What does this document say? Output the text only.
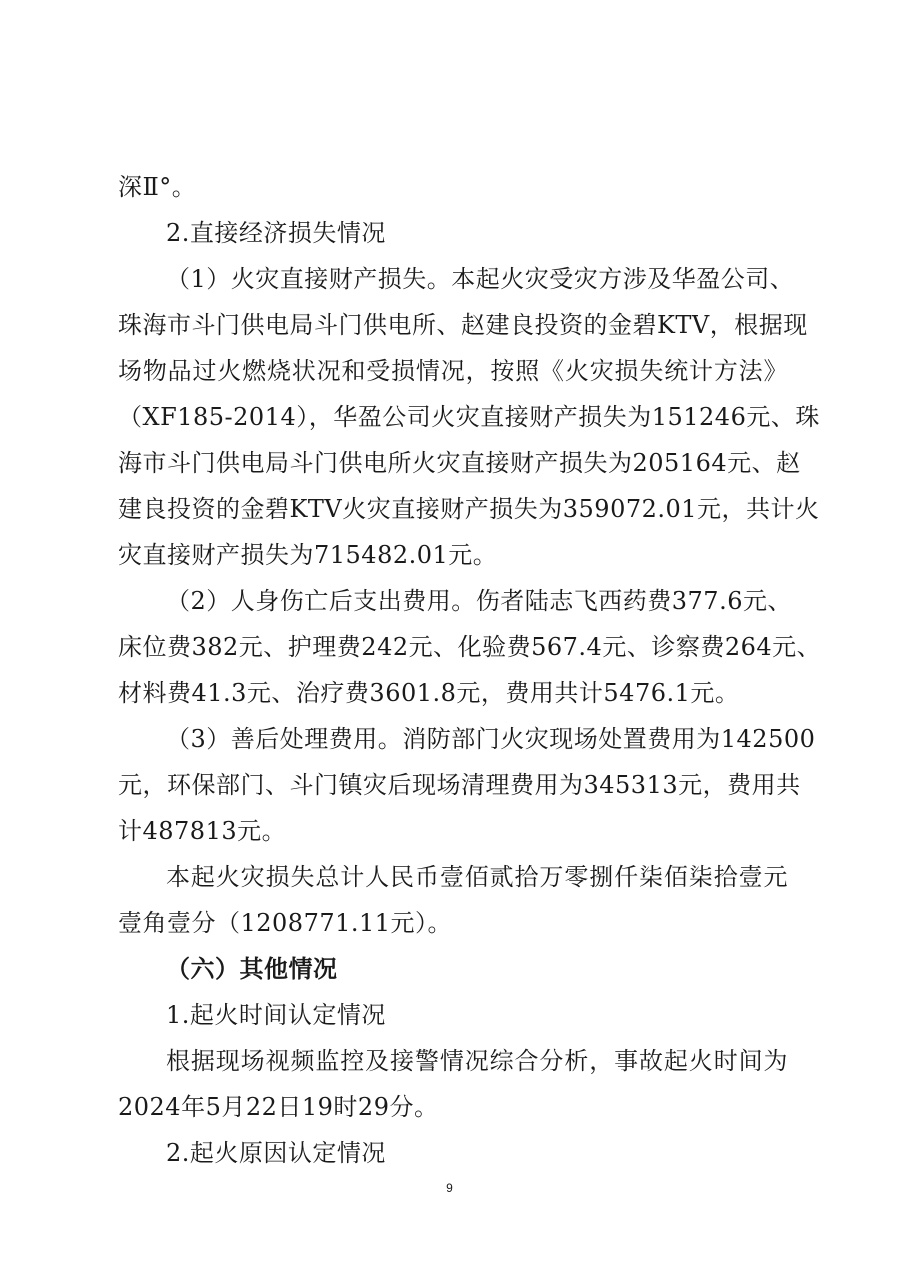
深Ⅱ°。
2.直接经济损失情况
（1）火灾直接财产损失。本起火灾受灾方涉及华盈公司、
珠海市斗门供电局斗门供电所、赵建良投资的金碧KTV，根据现
场物品过火燃烧状况和受损情况，按照《火灾损失统计方法》
（XF185-2014），华盈公司火灾直接财产损失为151246元、珠
海市斗门供电局斗门供电所火灾直接财产损失为205164元、赵
建良投资的金碧KTV火灾直接财产损失为359072.01元，共计火
灾直接财产损失为715482.01元。
（2）人身伤亡后支出费用。伤者陆志飞西药费377.6元、
床位费382元、护理费242元、化验费567.4元、诊察费264元、
材料费41.3元、治疗费3601.8元，费用共计5476.1元。
（3）善后处理费用。消防部门火灾现场处置费用为142500
元，环保部门、斗门镇灾后现场清理费用为345313元，费用共
计487813元。
本起火灾损失总计人民币壹佰贰拾万零捌仟柒佰柒拾壹元
壹角壹分（1208771.11元）。
（六）其他情况
1.起火时间认定情况
根据现场视频监控及接警情况综合分析，事故起火时间为
2024年5月22日19时29分。
2.起火原因认定情况
9
